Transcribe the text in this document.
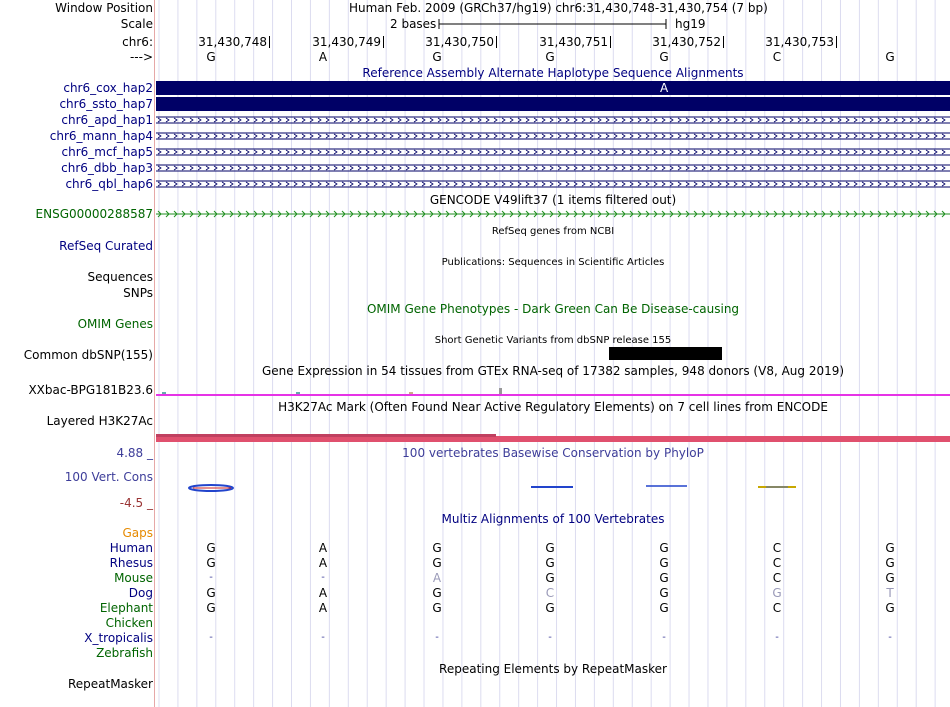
Window Position	Human Feb. 2009 (GRCh37/hg19) chr6:31,430,748-31,430,754 (7 bp)
Scale	2 bases	hg19
chr6:	31,430,748	31,430,749	31,430,750	31,430,751	31,430,752	31,430,753
--->	G	A	G	G	G	C	G
Reference Assembly Alternate Haplotype Sequence Alignments
chr6_cox_hap2	A
chr6_ssto_hap7
chr6_apd_hap1
chr6_mann_hap4
chr6_mcf_hap5
chr6_dbb_hap3
chr6_qbl_hap6
GENCODE V49lift37 (1 items filtered out)
ENSG00000288587
RefSeq genes from NCBI
RefSeq Curated
Publications: Sequences in Scientific Articles
Sequences
SNPs
OMIM Gene Phenotypes - Dark Green Can Be Disease-causing
OMIM Genes
Short Genetic Variants from dbSNP release 155
Common dbSNP(155)
Gene Expression in 54 tissues from GTEx RNA-seq of 17382 samples, 948 donors (V8, Aug 2019)
XXbac-BPG181B23.6
H3K27Ac Mark (Often Found Near Active Regulatory Elements) on 7 cell lines from ENCODE
Layered H3K27Ac
4.88 _	100 vertebrates Basewise Conservation by PhyloP
100 Vert. Cons
-4.5 _
Multiz Alignments of 100 Vertebrates
Gaps
Human	G	A	G	G	G	C	G
Rhesus	G	A	G	G	G	C	G
Mouse	-	-	A	G	G	C	G
Dog	G	A	G	C	G	G	T
Elephant	G	A	G	G	G	C	G
Chicken
X_tropicalis	-	-	-	-	-	-	-
Zebrafish
Repeating Elements by RepeatMasker
RepeatMasker
